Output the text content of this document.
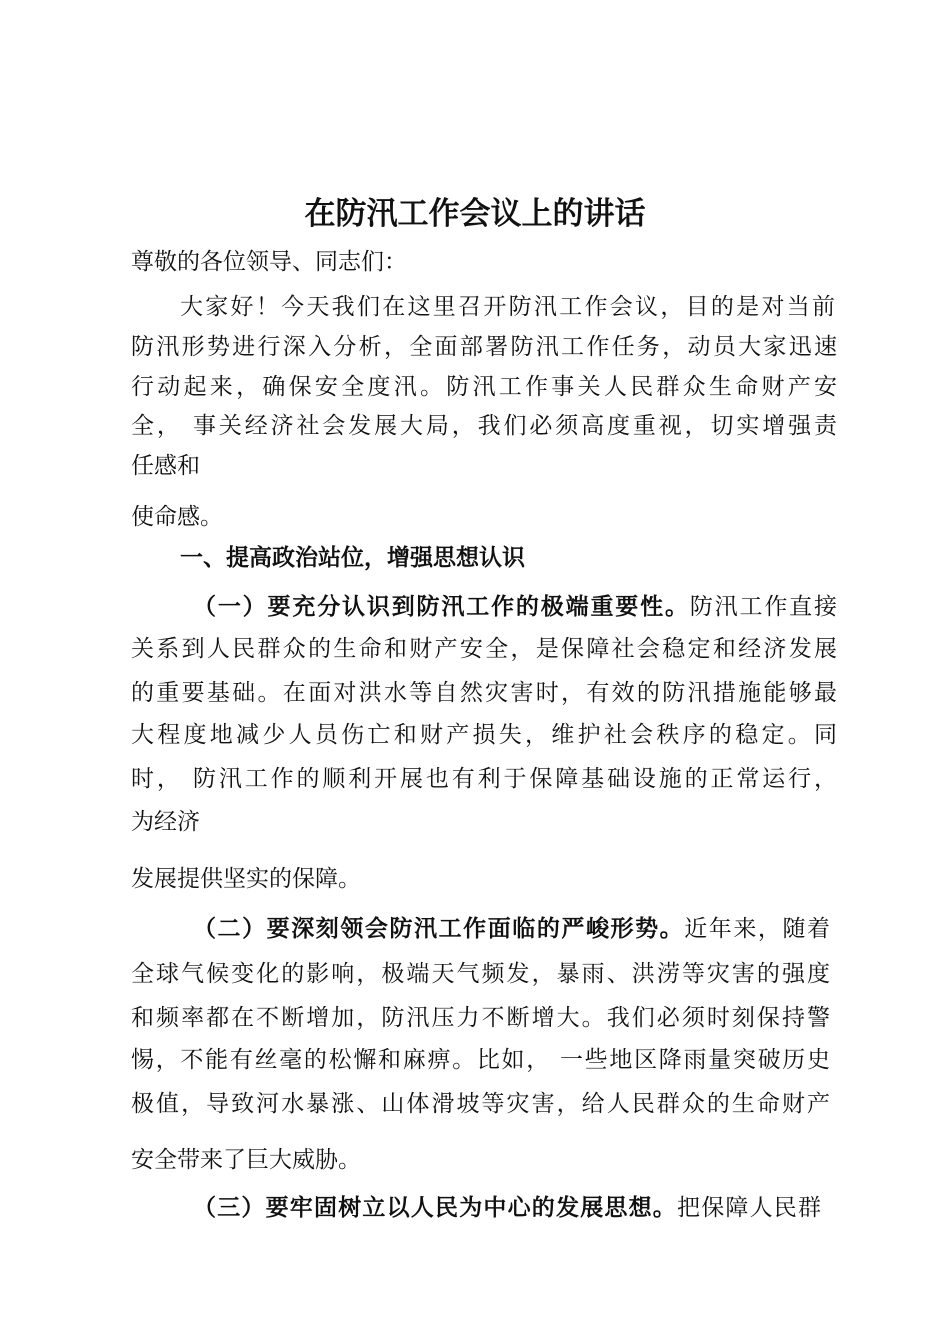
在防汛工作会议上的讲话

尊敬的各位领导、同志们：

大家好！今天我们在这里召开防汛工作会议，目的是对当前

防汛形势进行深入分析，全面部署防汛工作任务，动员大家迅速

行动起来，确保安全度汛。防汛工作事关人民群众生命财产安

全， 事关经济社会发展大局，我们必须高度重视，切实增强责

任感和

使命感。

一、提高政治站位，增强思想认识

（一）要充分认识到防汛工作的极端重要性。防汛工作直接

关系到人民群众的生命和财产安全，是保障社会稳定和经济发展

的重要基础。在面对洪水等自然灾害时，有效的防汛措施能够最

大程度地减少人员伤亡和财产损失，维护社会秩序的稳定。同

时， 防汛工作的顺利开展也有利于保障基础设施的正常运行，

为经济

发展提供坚实的保障。

（二）要深刻领会防汛工作面临的严峻形势。近年来，随着

全球气候变化的影响，极端天气频发，暴雨、洪涝等灾害的强度

和频率都在不断增加，防汛压力不断增大。我们必须时刻保持警

惕，不能有丝毫的松懈和麻痹。比如， 一些地区降雨量突破历史

极值，导致河水暴涨、山体滑坡等灾害，给人民群众的生命财产

安全带来了巨大威胁。

（三）要牢固树立以人民为中心的发展思想。把保障人民群
